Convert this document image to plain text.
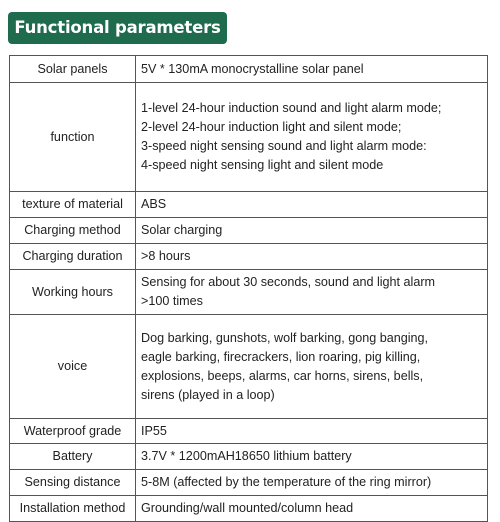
Functional parameters
Solar panels	5V * 130mA monocrystalline solar panel

function	1-level 24-hour induction sound and light alarm mode;
2-level 24-hour induction light and silent mode;
3-speed night sensing sound and light alarm mode:
4-speed night sensing light and silent mode

texture of material	ABS

Charging method	Solar charging

Charging duration	>8 hours

Working hours	Sensing for about 30 seconds, sound and light alarm
>100 times

voice	Dog barking, gunshots, wolf barking, gong banging,
eagle barking, firecrackers, lion roaring, pig killing,
explosions, beeps, alarms, car horns, sirens, bells,
sirens (played in a loop)

Waterproof grade	IP55

Battery	3.7V * 1200mAH18650 lithium battery

Sensing distance	5-8M (affected by the temperature of the ring mirror)

Installation method	Grounding/wall mounted/column head
